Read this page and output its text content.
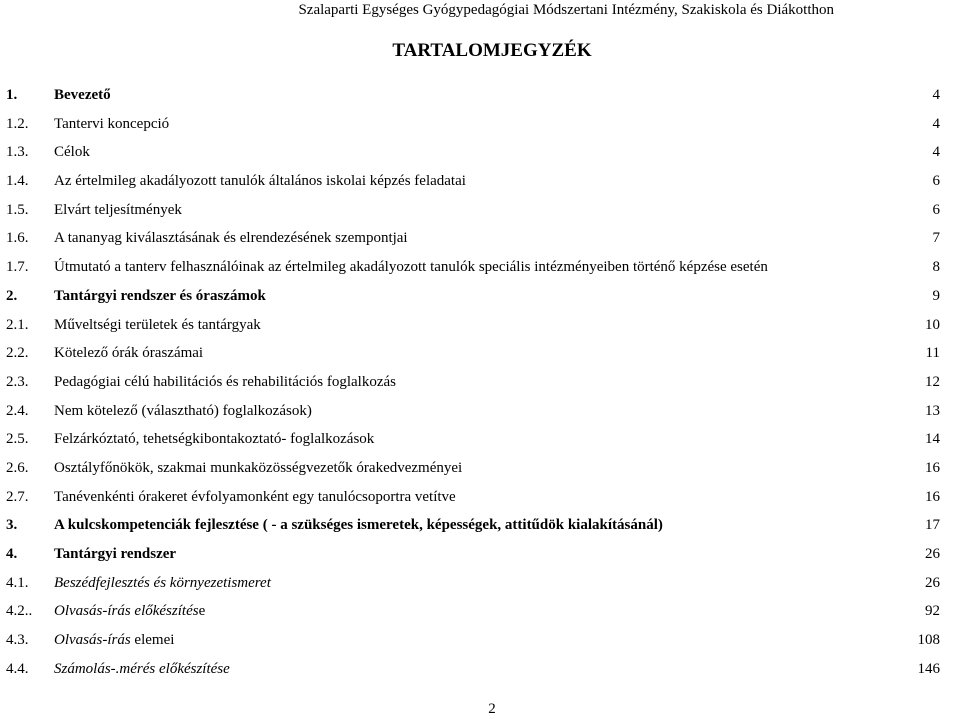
Szalaparti Egységes Gyógypedagógiai Módszertani Intézmény, Szakiskola és Diákotthon
TARTALOMJEGYZÉK
1. Bevezető	4
1.2. Tantervi koncepció	4
1.3. Célok	4
1.4. Az értelmileg akadályozott tanulók általános iskolai képzés feladatai	6
1.5. Elvárt teljesítmények	6
1.6. A tananyag kiválasztásának és elrendezésének szempontjai	7
1.7. Útmutató a tanterv felhasználóinak az értelmileg akadályozott tanulók speciális intézményeiben történő képzése esetén	8
2. Tantárgyi rendszer és óraszámok	9
2.1. Műveltségi területek és tantárgyak	10
2.2. Kötelező órák óraszámai	11
2.3. Pedagógiai célú habilitációs és rehabilitációs foglalkozás	12
2.4. Nem kötelező (választható) foglalkozások)	13
2.5. Felzárkóztató, tehetségkibontakoztató- foglalkozások	14
2.6. Osztályfőnökök, szakmai munkaközösségvezetők órakedvezményei	16
2.7. Tanévenkénti órakeret évfolyamonként egy tanulócsoportra vetítve	16
3. A kulcskompetenciák fejlesztése ( - a szükséges ismeretek, képességek, attitűdök kialakításánál)	17
4. Tantárgyi rendszer	26
4.1. Beszédfejlesztés és környezetismeret	26
4.2.. Olvasás-írás előkészítése	92
4.3. Olvasás-írás elemei	108
4.4. Számolás-.mérés előkészítése	146
2
